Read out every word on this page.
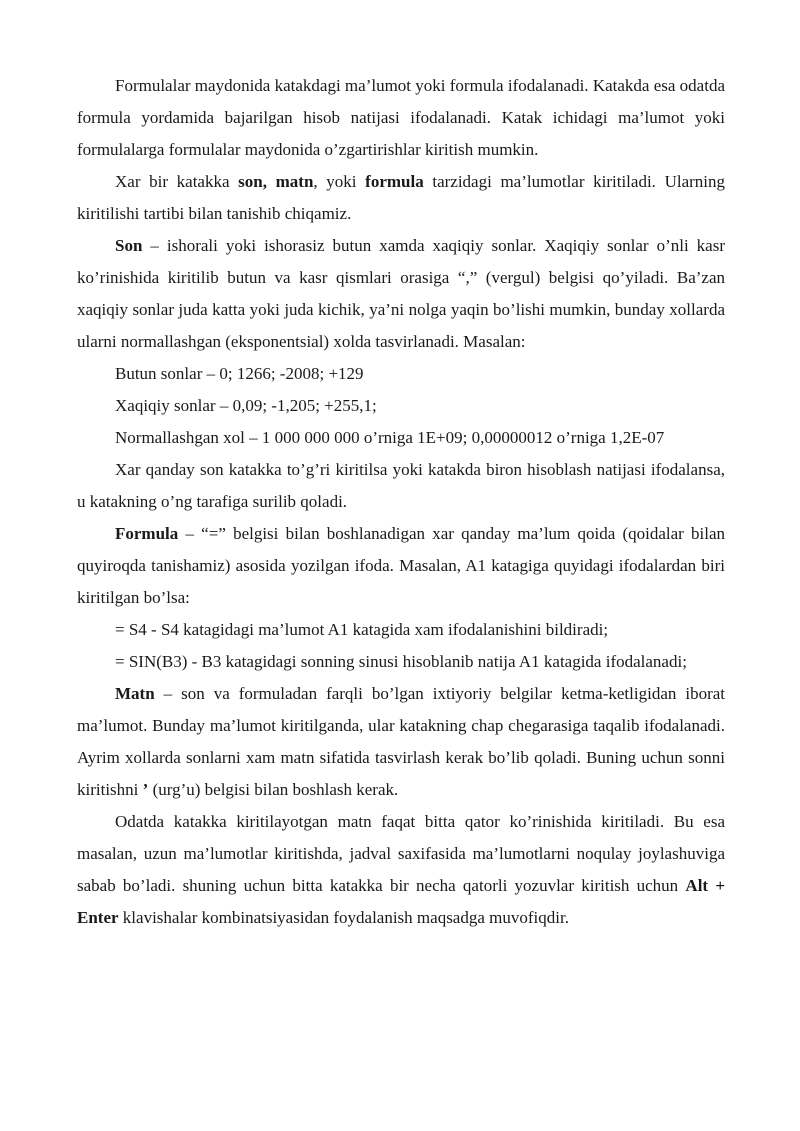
Formulalar maydonida katakdagi ma’lumot yoki formula ifodalanadi. Katakda esa odatda formula yordamida bajarilgan hisob natijasi ifodalanadi. Katak ichidagi ma’lumot yoki formulalarga formulalar maydonida o’zgartirishlar kiritish mumkin.

Xar bir katakka son, matn, yoki formula tarzidagi ma’lumotlar kiritiladi. Ularning kiritilishi tartibi bilan tanishib chiqamiz.

Son – ishorali yoki ishorasiz butun xamda xaqiqiy sonlar. Xaqiqiy sonlar o’nli kasr ko’rinishida kiritilib butun va kasr qismlari orasiga “,” (vergul) belgisi qo’yiladi. Ba’zan xaqiqiy sonlar juda katta yoki juda kichik, ya’ni nolga yaqin bo’lishi mumkin, bunday xollarda ularni normallashgan (eksponentsial) xolda tasvirlanadi. Masalan:

Butun sonlar – 0; 1266; -2008; +129

Xaqiqiy sonlar – 0,09; -1,205; +255,1;

Normallashgan xol – 1 000 000 000 o’rniga 1E+09; 0,00000012 o’rniga 1,2E-07

Xar qanday son katakka to’g’ri kiritilsa yoki katakda biron hisoblash natijasi ifodalansa, u katakning o’ng tarafiga surilib qoladi.

Formula – “=” belgisi bilan boshlanadigan xar qanday ma’lum qoida (qoidalar bilan quyiroqda tanishamiz) asosida yozilgan ifoda. Masalan, A1 katagiga quyidagi ifodalardan biri kiritilgan bo’lsa:

= S4 - S4 katagidagi ma’lumot A1 katagida xam ifodalanishini bildiradi;

= SIN(B3) - B3 katagidagi sonning sinusi hisoblanib natija A1 katagida ifodalanadi;

Matn – son va formuladan farqli bo’lgan ixtiyoriy belgilar ketma-ketligidan iborat ma’lumot. Bunday ma’lumot kiritilganda, ular katakning chap chegarasiga taqalib ifodalanadi. Ayrim xollarda sonlarni xam matn sifatida tasvirlash kerak bo’lib qoladi. Buning uchun sonni kiritishni ’ (urg’u) belgisi bilan boshlash kerak.

Odatda katakka kiritilayotgan matn faqat bitta qator ko’rinishida kiritiladi. Bu esa masalan, uzun ma’lumotlar kiritishda, jadval saxifasida ma’lumotlarni noqulay joylashuviga sabab bo’ladi. shuning uchun bitta katakka bir necha qatorli yozuvlar kiritish uchun Alt + Enter klavishalar kombinatsiyasidan foydalanish maqsadga muvofiqdir.
